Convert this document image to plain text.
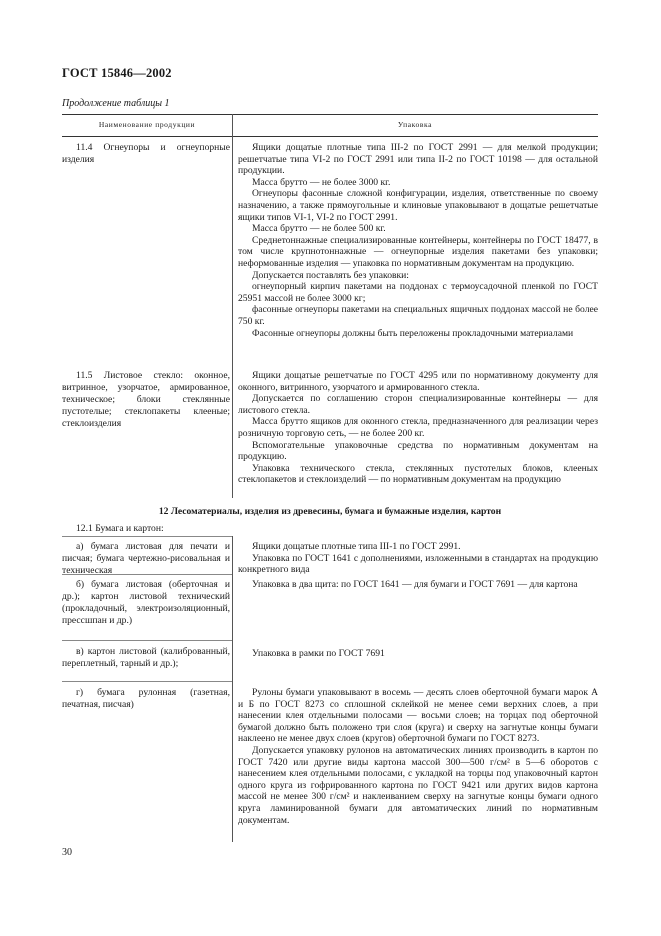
ГОСТ 15846—2002
Продолжение таблицы 1
Наименование продукции	Упаковка

11.4 Огнеупоры и огнеупорные изделия

Ящики дощатые плотные типа III-2 по ГОСТ 2991 — для мелкой продукции; решетчатые типа VI-2 по ГОСТ 2991 или типа II-2 по ГОСТ 10198 — для остальной продукции.

Масса брутто — не более 3000 кг.

Огнеупоры фасонные сложной конфигурации, изделия, ответственные по своему назначению, а также прямоугольные и клиновые упаковывают в дощатые решетчатые ящики типов VI-1, VI-2 по ГОСТ 2991.

Масса брутто — не более 500 кг.

Среднетоннажные специализированные контейнеры, контейнеры по ГОСТ 18477, в том числе крупнотоннажные — огнеупорные изделия пакетами без упаковки; неформованные изделия — упаковка по нормативным документам на продукцию.

Допускается поставлять без упаковки:

огнеупорный кирпич пакетами на поддонах с термоусадочной пленкой по ГОСТ 25951 массой не более 3000 кг;

фасонные огнеупоры пакетами на специальных ящичных поддонах массой не более 750 кг.

Фасонные огнеупоры должны быть переложены прокладочными материалами

11.5 Листовое стекло: оконное, витринное, узорчатое, армированное, техническое; блоки стеклянные пустотелые; стеклопакеты клееные; стеклоизделия

Ящики дощатые решетчатые по ГОСТ 4295 или по нормативному документу для оконного, витринного, узорчатого и армированного стекла.

Допускается по соглашению сторон специализированные контейнеры — для листового стекла.

Масса брутто ящиков для оконного стекла, предназначенного для реализации через розничную торговую сеть, — не более 200 кг.

Вспомогательные упаковочные средства по нормативным документам на продукцию.

Упаковка технического стекла, стеклянных пустотелых блоков, клееных стеклопакетов и стеклоизделий — по нормативным документам на продукцию

12 Лесоматериалы, изделия из древесины, бумага и бумажные изделия, картон

12.1 Бумага и картон:

а) бумага листовая для печати и писчая; бумага чертежно-рисовальная и техническая

Ящики дощатые плотные типа III-1 по ГОСТ 2991.

Упаковка по ГОСТ 1641 с дополнениями, изложенными в стандартах на продукцию конкретного вида

б) бумага листовая (оберточная и др.); картон листовой технический (прокладочный, электроизоляционный, прессшпан и др.)

Упаковка в два щита: по ГОСТ 1641 — для бумаги и ГОСТ 7691 — для картона

в) картон листовой (калиброванный, переплетный, тарный и др.);

Упаковка в рамки по ГОСТ 7691

г) бумага рулонная (газетная, печатная, писчая)

Рулоны бумаги упаковывают в восемь — десять слоев оберточной бумаги марок А и Б по ГОСТ 8273 со сплошной склейкой не менее семи верхних слоев, а при нанесении клея отдельными полосами — восьми слоев; на торцах под оберточной бумагой должно быть положено три слоя (круга) и сверху на загнутые концы бумаги наклеено не менее двух слоев (кругов) оберточной бумаги по ГОСТ 8273.

Допускается упаковку рулонов на автоматических линиях производить в картон по ГОСТ 7420 или другие виды картона массой 300—500 г/см² в 5—6 оборотов с нанесением клея отдельными полосами, с укладкой на торцы под упаковочный картон одного круга из гофрированного картона по ГОСТ 9421 или других видов картона массой не менее 300 г/см² и наклеиванием сверху на загнутые концы бумаги одного круга ламинированной бумаги для автоматических линий по нормативным документам.

30
